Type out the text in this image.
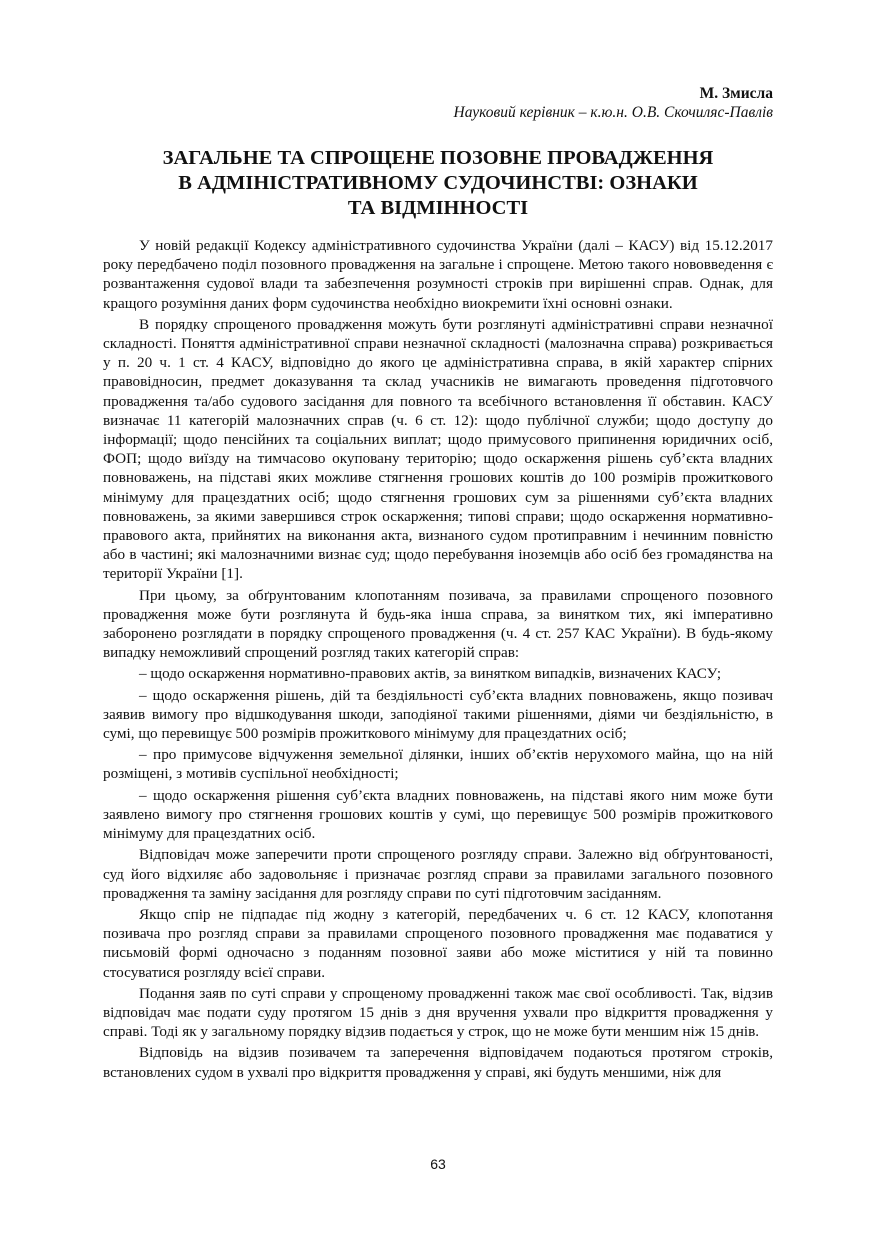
М. Змисла
Науковий керівник – к.ю.н. О.В. Скочиляс-Павлів
ЗАГАЛЬНЕ ТА СПРОЩЕНЕ ПОЗОВНЕ ПРОВАДЖЕННЯ
В АДМІНІСТРАТИВНОМУ СУДОЧИНСТВІ: ОЗНАКИ
ТА ВІДМІННОСТІ

У новій редакції Кодексу адміністративного судочинства України (далі – КАСУ) від 15.12.2017 року передбачено поділ позовного провадження на загальне і спрощене. Метою такого нововведення є розвантаження судової влади та забезпечення розумності строків при вирішенні справ. Однак, для кращого розуміння даних форм судочинства необхідно виокремити їхні основні ознаки.

В порядку спрощеного провадження можуть бути розглянуті адміністративні справи незначної складності. Поняття адміністративної справи незначної складності (малозначна справа) розкривається у п. 20 ч. 1 ст. 4 КАСУ, відповідно до якого це адміністративна справа, в якій характер спірних правовідносин, предмет доказування та склад учасників не вимагають проведення підготовчого провадження та/або судового засідання для повного та всебічного встановлення її обставин. КАСУ визначає 11 категорій малозначних справ (ч. 6 ст. 12): щодо публічної служби; щодо доступу до інформації; щодо пенсійних та соціальних виплат; щодо примусового припинення юридичних осіб, ФОП; щодо виїзду на тимчасово окуповану територію; щодо оскарження рішень суб’єкта владних повноважень, на підставі яких можливе стягнення грошових коштів до 100 розмірів прожиткового мінімуму для працездатних осіб; щодо стягнення грошових сум за рішеннями суб’єкта владних повноважень, за якими завершився строк оскарження; типові справи; щодо оскарження нормативно-правового акта, прийнятих на виконання акта, визнаного судом протиправним і нечинним повністю або в частині; які малозначними визнає суд; щодо перебування іноземців або осіб без громадянства на території України [1].

При цьому, за обґрунтованим клопотанням позивача, за правилами спрощеного позовного провадження може бути розглянута й будь-яка інша справа, за винятком тих, які імперативно заборонено розглядати в порядку спрощеного провадження (ч. 4 ст. 257 КАС України). В будь-якому випадку неможливий спрощений розгляд таких категорій справ:

– щодо оскарження нормативно-правових актів, за винятком випадків, визначених КАСУ;

– щодо оскарження рішень, дій та бездіяльності суб’єкта владних повноважень, якщо позивач заявив вимогу про відшкодування шкоди, заподіяної такими рішеннями, діями чи бездіяльністю, в сумі, що перевищує 500 розмірів прожиткового мінімуму для працездатних осіб;

– про примусове відчуження земельної ділянки, інших об’єктів нерухомого майна, що на ній розміщені, з мотивів суспільної необхідності;

– щодо оскарження рішення суб’єкта владних повноважень, на підставі якого ним може бути заявлено вимогу про стягнення грошових коштів у сумі, що перевищує 500 розмірів прожиткового мінімуму для працездатних осіб.

Відповідач може заперечити проти спрощеного розгляду справи. Залежно від обґрунтованості, суд його відхиляє або задовольняє і призначає розгляд справи за правилами загального позовного провадження та заміну засідання для розгляду справи по суті підготовчим засіданням.

Якщо спір не підпадає під жодну з категорій, передбачених ч. 6 ст. 12 КАСУ, клопотання позивача про розгляд справи за правилами спрощеного позовного провадження має подаватися у письмовій формі одночасно з поданням позовної заяви або може міститися у ній та повинно стосуватися розгляду всієї справи.

Подання заяв по суті справи у спрощеному провадженні також має свої особливості. Так, відзив відповідач має подати суду протягом 15 днів з дня вручення ухвали про відкриття провадження у справі. Тоді як у загальному порядку відзив подається у строк, що не може бути меншим ніж 15 днів.

Відповідь на відзив позивачем та заперечення відповідачем подаються протягом строків, встановлених судом в ухвалі про відкриття провадження у справі, які будуть меншими, ніж для

63
